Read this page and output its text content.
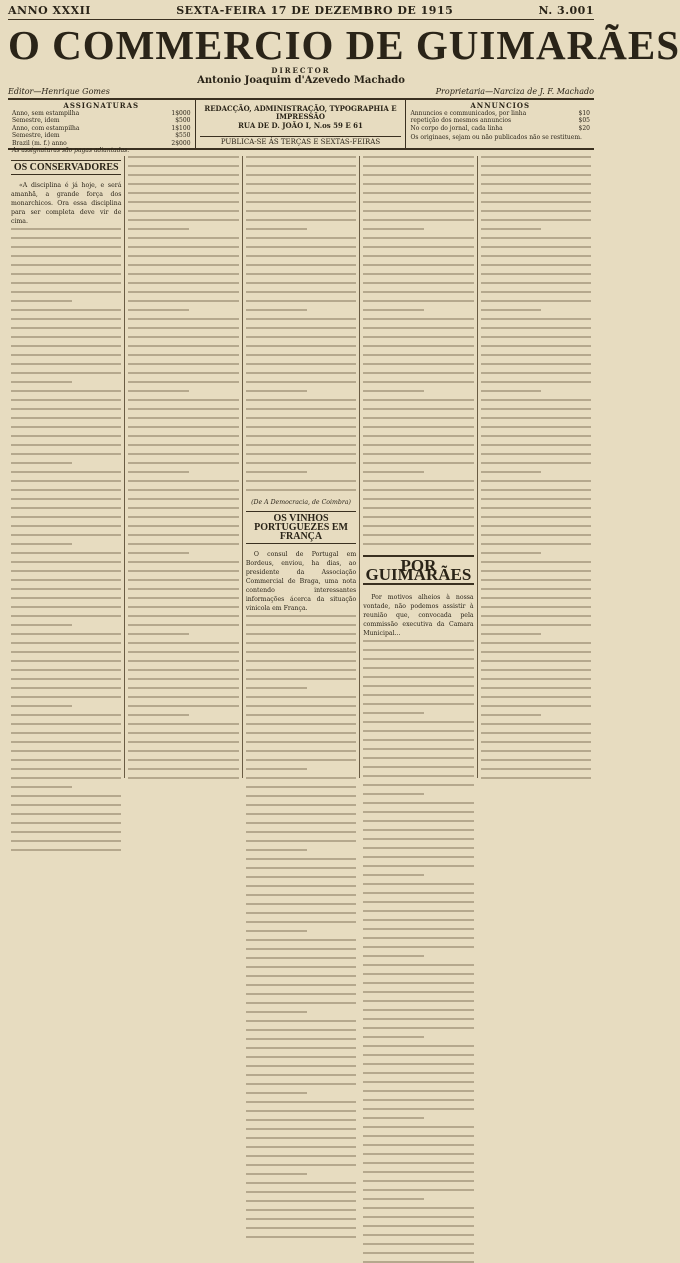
ANNO XXXII	SEXTA-FEIRA 17 DE DEZEMBRO DE 1915	N. 3.001
O COMMERCIO DE GUIMARÃES
DIRECTOR
Antonio Joaquim d'Azevedo Machado
Editor—Henrique Gomes	Proprietaria—Narciza de J. F. Machado
ASSIGNATURAS
Anno, sem estampilha	1$000
Semestre, idem	$500
Anno, com estampilha	1$100
Semestre, idem	$550
Brazil (m. f.) anno	2$000
As assignaturas são pagas adiantadas.
REDACÇÃO, ADMINISTRAÇÃO, TYPOGRAPHIA E IMPRESSÃO
RUA DE D. JOÃO I, N.os 59 E 61
PUBLICA-SE ÁS TERÇAS E SEXTAS-FEIRAS
ANNUNCIOS
Annuncios e communicados, por linha	$10
repetição dos mesmos annuncios	$05
No corpo do jornal, cada linha	$20
Os originaes, sejam ou não publicados não se restituem.
OS CONSERVADORES

«A disciplina é já hoje, e será amanhã, a grande força dos monarchicos. Ora essa disciplina para ser completa deve vir de cima.

(De A Democracia, de Coimbra)
OS VINHOS PORTUGUEZES EM FRANÇA

O consul de Portugal em Bordeus, enviou, ha dias, ao presidente da Associação Commercial de Braga, uma nota contendo interessantes informações ácerca da situação vinicola em França.

POR GUIMARÃES

Por motivos alheios à nossa vontade, não podemos assistir à reunião que, convocada pela commissão executiva da Camara Municipal...
